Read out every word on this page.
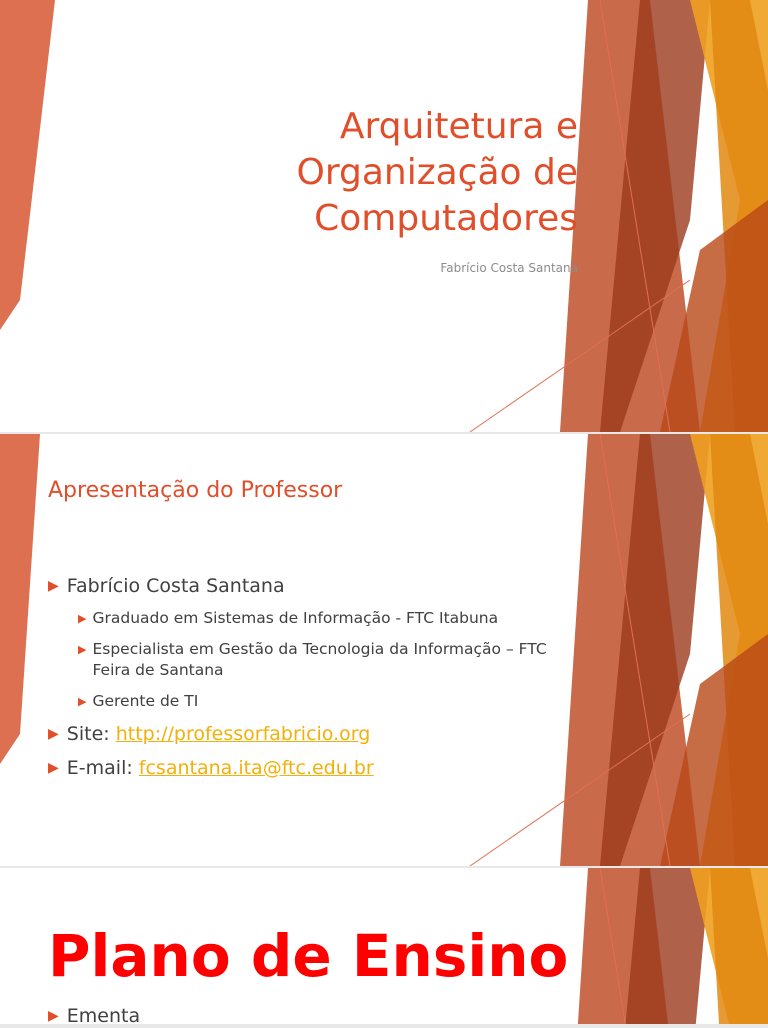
Arquitetura e
Organização de
Computadores
Fabrício Costa Santana
Apresentação do Professor
▶ Fabrício Costa Santana
▶ Graduado em Sistemas de Informação - FTC Itabuna
▶ Especialista em Gestão da Tecnologia da Informação – FTC Feira de Santana
▶ Gerente de TI
▶ Site: http://professorfabricio.org
▶ E-mail: fcsantana.ita@ftc.edu.br
Plano de Ensino
▶ Ementa
